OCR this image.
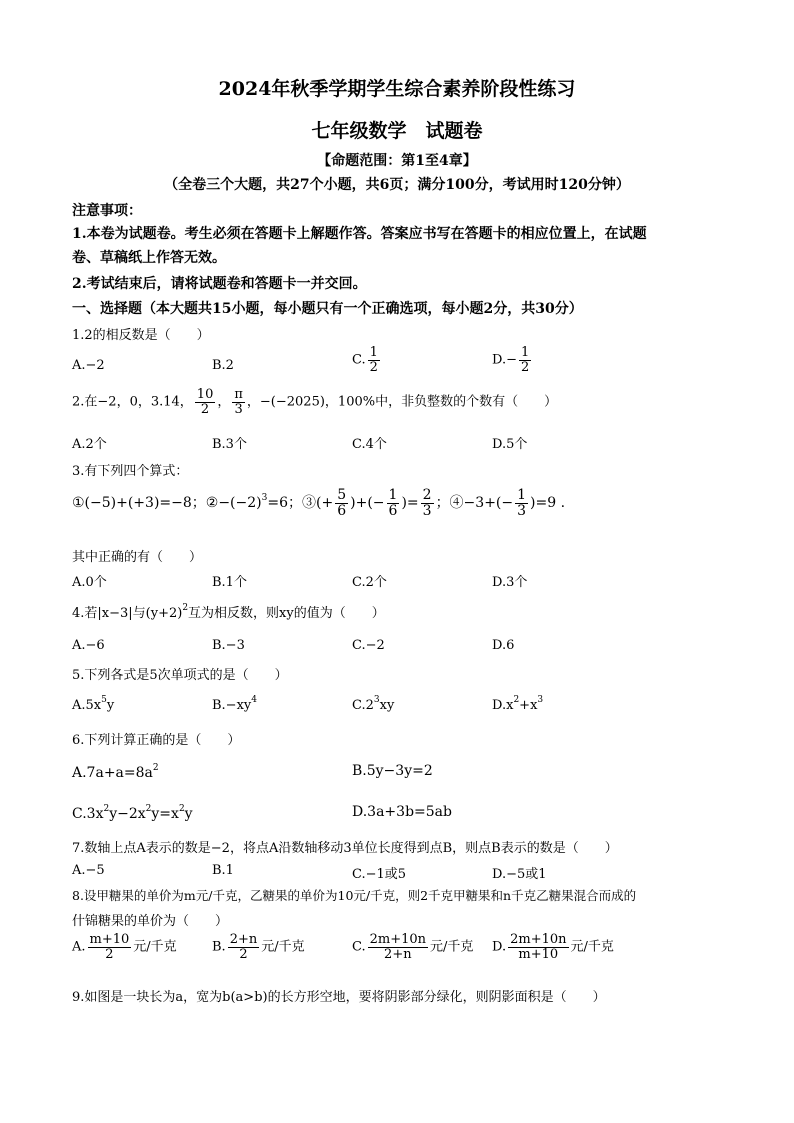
2024年秋季学期学生综合素养阶段性练习
七年级数学　试题卷
【命题范围：第1至4章】
（全卷三个大题，共27个小题，共6页；满分100分，考试用时120分钟）
注意事项：
1.本卷为试题卷。考生必须在答题卡上解题作答。答案应书写在答题卡的相应位置上，在试题
卷、草稿纸上作答无效。
2.考试结束后，请将试题卷和答题卡一并交回。
一、选择题（本大题共15小题，每小题只有一个正确选项，每小题2分，共30分）
1.2的相反数是（　　）
A.−2	B.2	C. $\frac{1}{2}$	$D.- \frac{1}{2}$
2.在−2，0，3.14， $\frac{10}{2}$ ， $\frac{\pi}{3}$ ，−(−2025)，100%中，非负整数的个数有（　　）
A.2个	B.3个	C.4个	D.5个
3.有下列四个算式：
①(−5)+(+3)=−8；$②-(-2)^3=6$；③(+ $\frac{5}{6}$ )+(− $\frac{1}{6}$ )= $\frac{2}{3}$ ；④−3+(− $\frac{1}{3} )=9$ .
其中正确的有（　　）
A.0个	B.1个	C.2个	D.3个
4.若|x−3|与$(y+2)^2$互为相反数，则xy的值为（　　）
A.−6	B.−3	C.−2	D.6
5.下列各式是5次单项式的是（　　）
$A.5x^5y$	$B.-xy^4$	$C.2^3xy$	$D.x^2+x^3$
6.下列计算正确的是（　　）
$A.7a+a=8a^2$	B.5y−3y=2
$C.3x^2y-2x^2y=x^2y$	D.3a+3b=5ab
7.数轴上点A表示的数是−2，将点A沿数轴移动3单位长度得到点B，则点B表示的数是（　　）
A.−5	B.1	C.−1或5	D.−5或1
8.设甲糖果的单价为m元/千克，乙糖果的单价为10元/千克，则2千克甲糖果和n千克乙糖果混合而成的
什锦糖果的单价为（　　）
A. $\frac{m+10}{2}$ 元/千克	B. $\frac{2+n}{2}$ 元/千克	C. $\frac{2m+10n}{2+n}$ 元/千克 D. $\frac{2m+10n}{m+10}$ 元/千克
9.如图是一块长为a，宽为b(a>b)的长方形空地，要将阴影部分绿化，则阴影面积是（　　）
